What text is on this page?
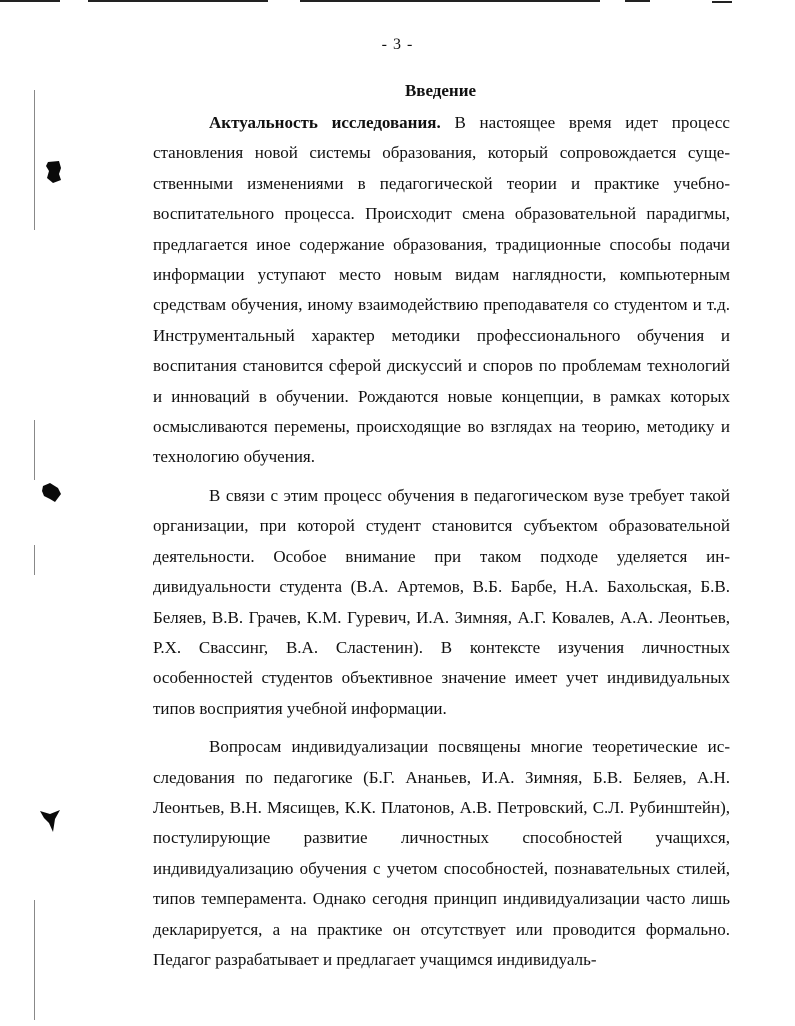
- 3 -
Введение

Актуальность исследования. В настоящее время идет процесс становления новой системы образования, который сопровождается существенными изменениями в педагогической теории и практике учебно-воспитательного процесса. Происходит смена образовательной парадигмы, предлагается иное содержание образования, традиционные способы подачи информации уступают место новым видам наглядности, компьютерным средствам обучения, иному взаимодействию преподавателя со студентом и т.д. Инструментальный характер методики профессионального обучения и воспитания становится сферой дискуссий и споров по проблемам технологий и инноваций в обучении. Рождаются новые концепции, в рамках которых осмысливаются перемены, происходящие во взглядах на теорию, методику и технологию обучения.

В связи с этим процесс обучения в педагогическом вузе требует такой организации, при которой студент становится субъектом образовательной деятельности. Особое внимание при таком подходе уделяется индивидуальности студента (В.А. Артемов, В.Б. Барбе, Н.А. Бахольская, Б.В. Беляев, В.В. Грачев, К.М. Гуревич, И.А. Зимняя, А.Г. Ковалев, А.А. Леонтьев, Р.Х. Свассинг, В.А. Сластенин). В контексте изучения личностных особенностей студентов объективное значение имеет учет индивидуальных типов восприятия учебной информации.

Вопросам индивидуализации посвящены многие теоретические исследования по педагогике (Б.Г. Ананьев, И.А. Зимняя, Б.В. Беляев, А.Н. Леонтьев, В.Н. Мясищев, К.К. Платонов, А.В. Петровский, С.Л. Рубинштейн), постулирующие развитие личностных способностей учащихся, индивидуализацию обучения с учетом способностей, познавательных стилей, типов темперамента. Однако сегодня принцип индивидуализации часто лишь декларируется, а на практике он отсутствует или проводится формально. Педагог разрабатывает и предлагает учащимся индивидуаль-
